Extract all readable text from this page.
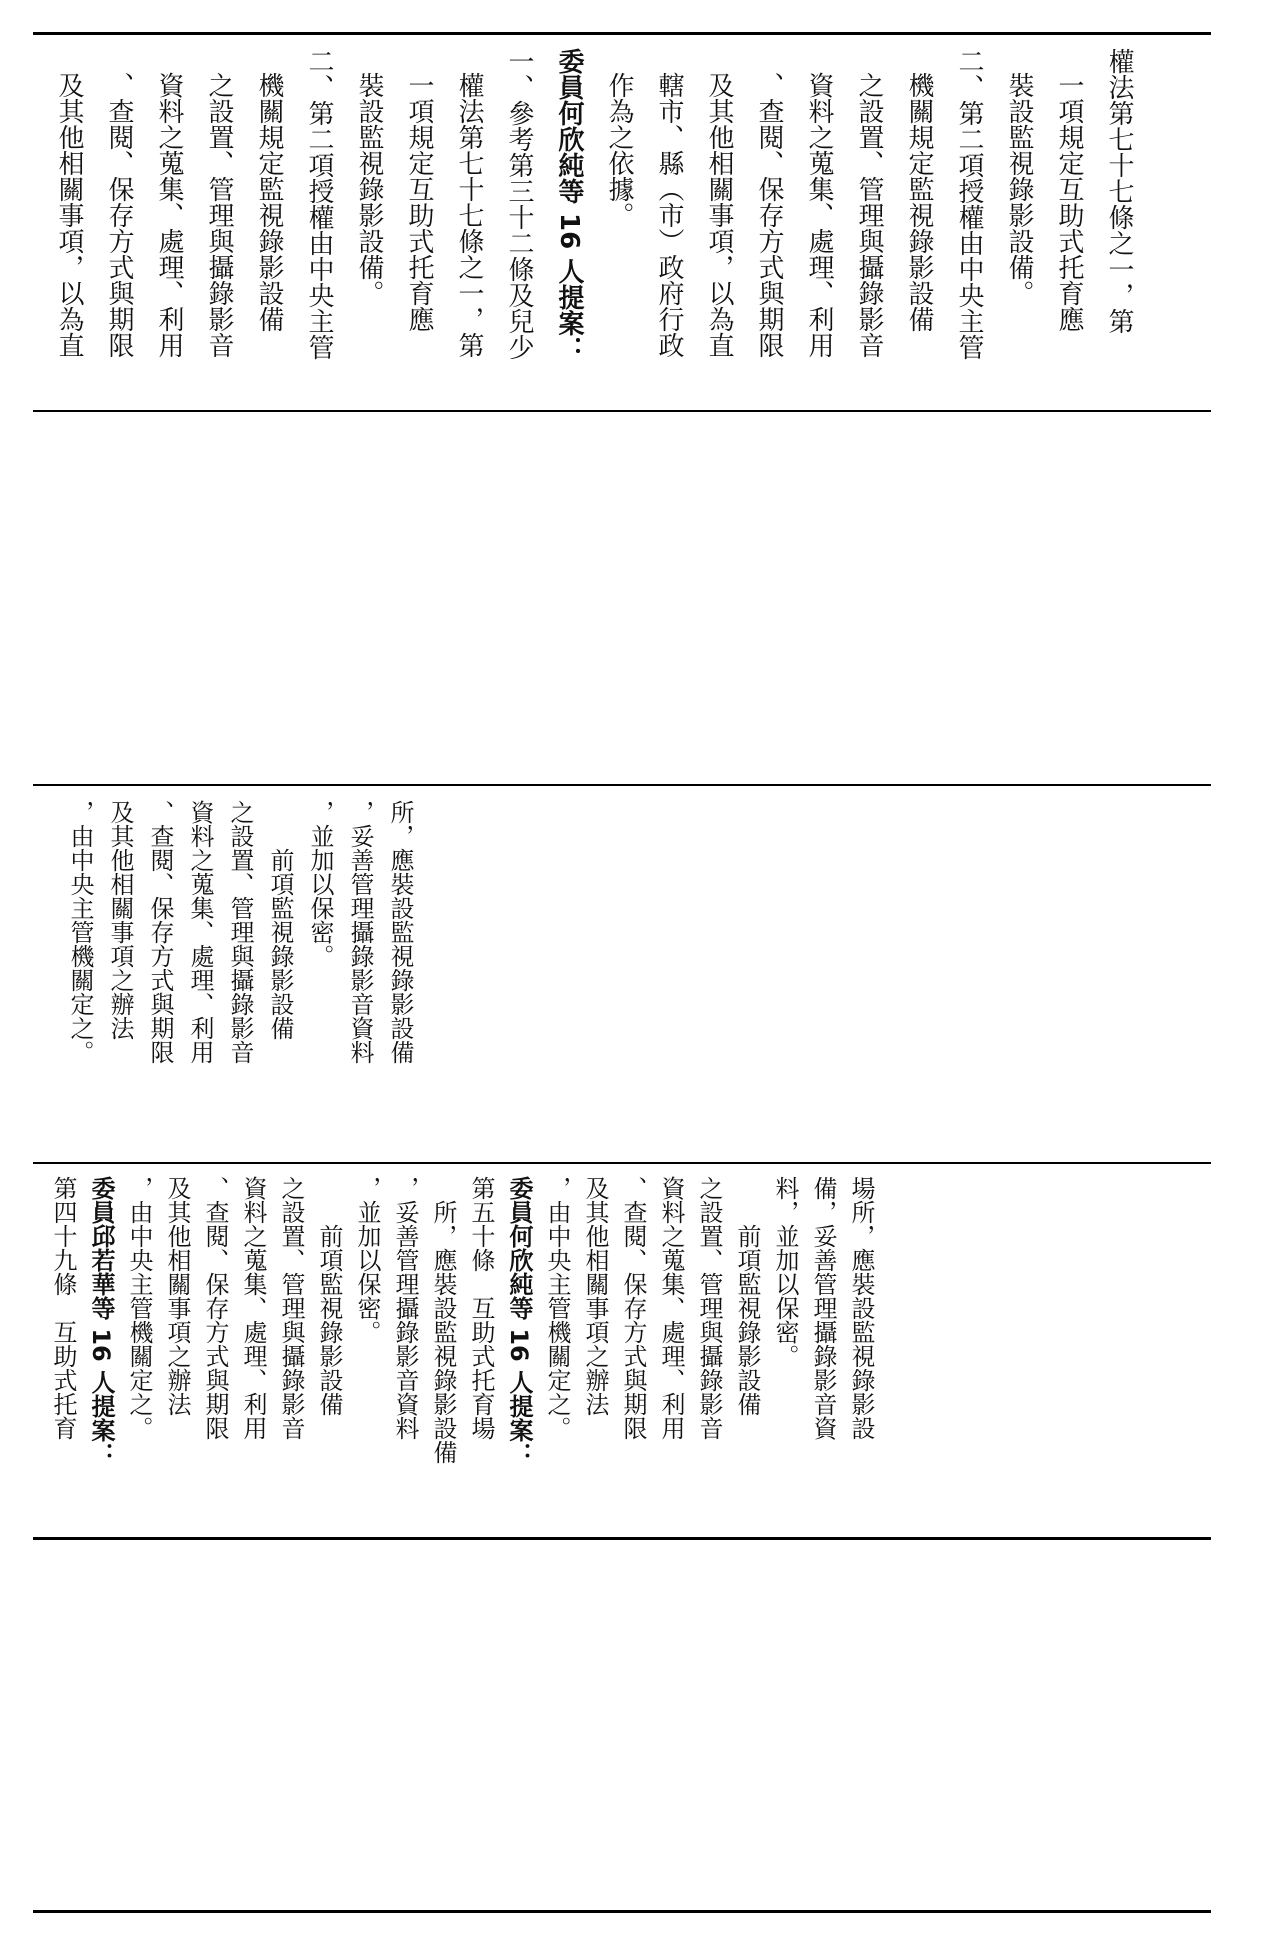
權法第七十七條之一，第

一項規定互助式托育應

裝設監視錄影設備。

二、第二項授權由中央主管

機關規定監視錄影設備

之設置、管理與攝錄影音

資料之蒐集、處理、利用

、查閱、保存方式與期限

及其他相關事項，以為直

轄市、縣（市）政府行政

作為之依據。

委員何欣純等 16 人提案：

一、參考第三十二條及兒少

權法第七十七條之一，第

一項規定互助式托育應

裝設監視錄影設備。

二、第二項授權由中央主管

機關規定監視錄影設備

之設置、管理與攝錄影音

資料之蒐集、處理、利用

、查閱、保存方式與期限

及其他相關事項，以為直

所，應裝設監視錄影設備

，妥善管理攝錄影音資料

，並加以保密。

前項監視錄影設備

之設置、管理與攝錄影音

資料之蒐集、處理、利用

、查閱、保存方式與期限

及其他相關事項之辦法

，由中央主管機關定之。

場所，應裝設監視錄影設

備，妥善管理攝錄影音資

料，並加以保密。

前項監視錄影設備

之設置、管理與攝錄影音

資料之蒐集、處理、利用

、查閱、保存方式與期限

及其他相關事項之辦法

，由中央主管機關定之。

委員何欣純等 16 人提案：

第五十條　互助式托育場

所，應裝設監視錄影設備

，妥善管理攝錄影音資料

，並加以保密。

前項監視錄影設備

之設置、管理與攝錄影音

資料之蒐集、處理、利用

、查閱、保存方式與期限

及其他相關事項之辦法

，由中央主管機關定之。

委員邱若華等 16 人提案：

第四十九條　互助式托育
